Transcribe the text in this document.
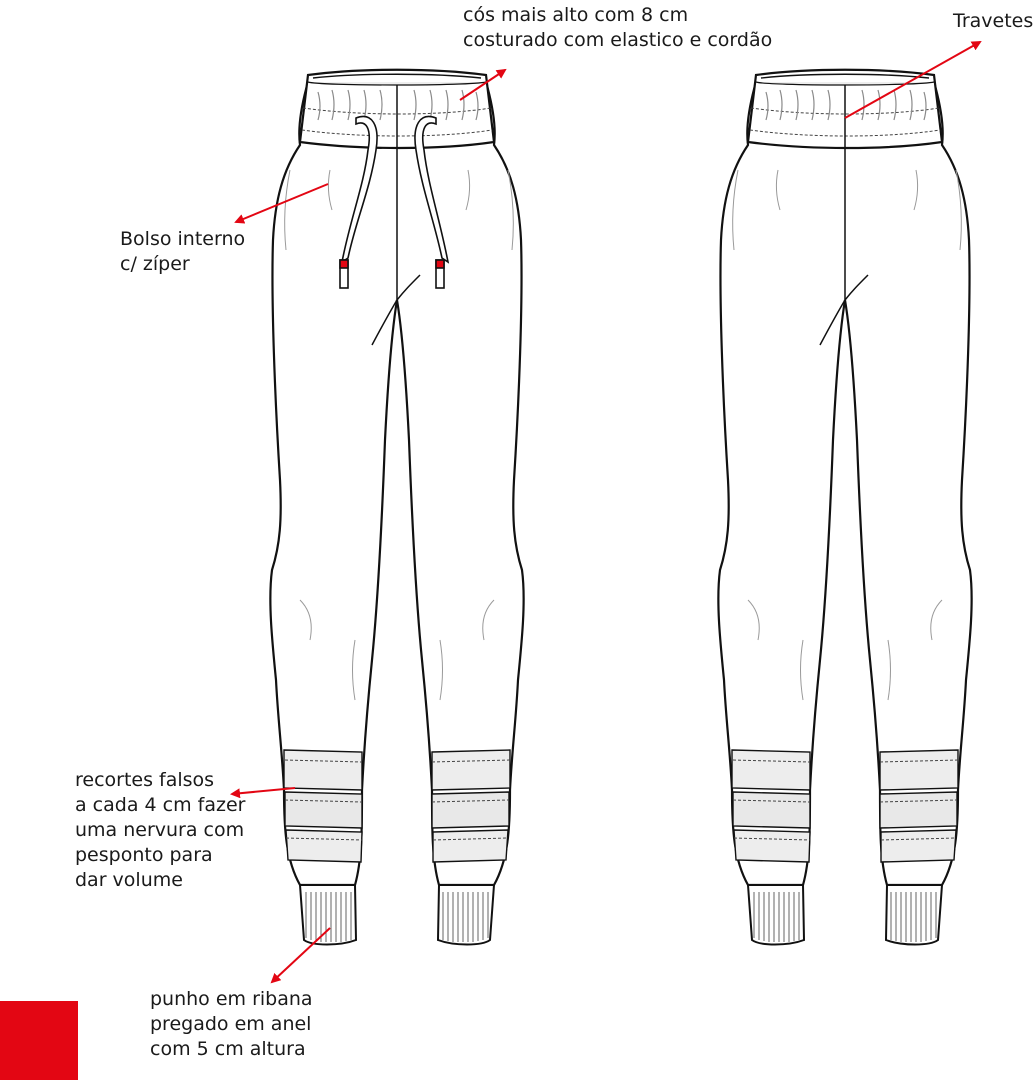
cós mais alto com 8 cm
costurado com elastico e cordão
Travetes
Bolso interno
c/ zíper
recortes falsos
a cada 4 cm fazer
uma nervura com
pesponto para
dar volume
punho em ribana
pregado em anel
com 5 cm altura
